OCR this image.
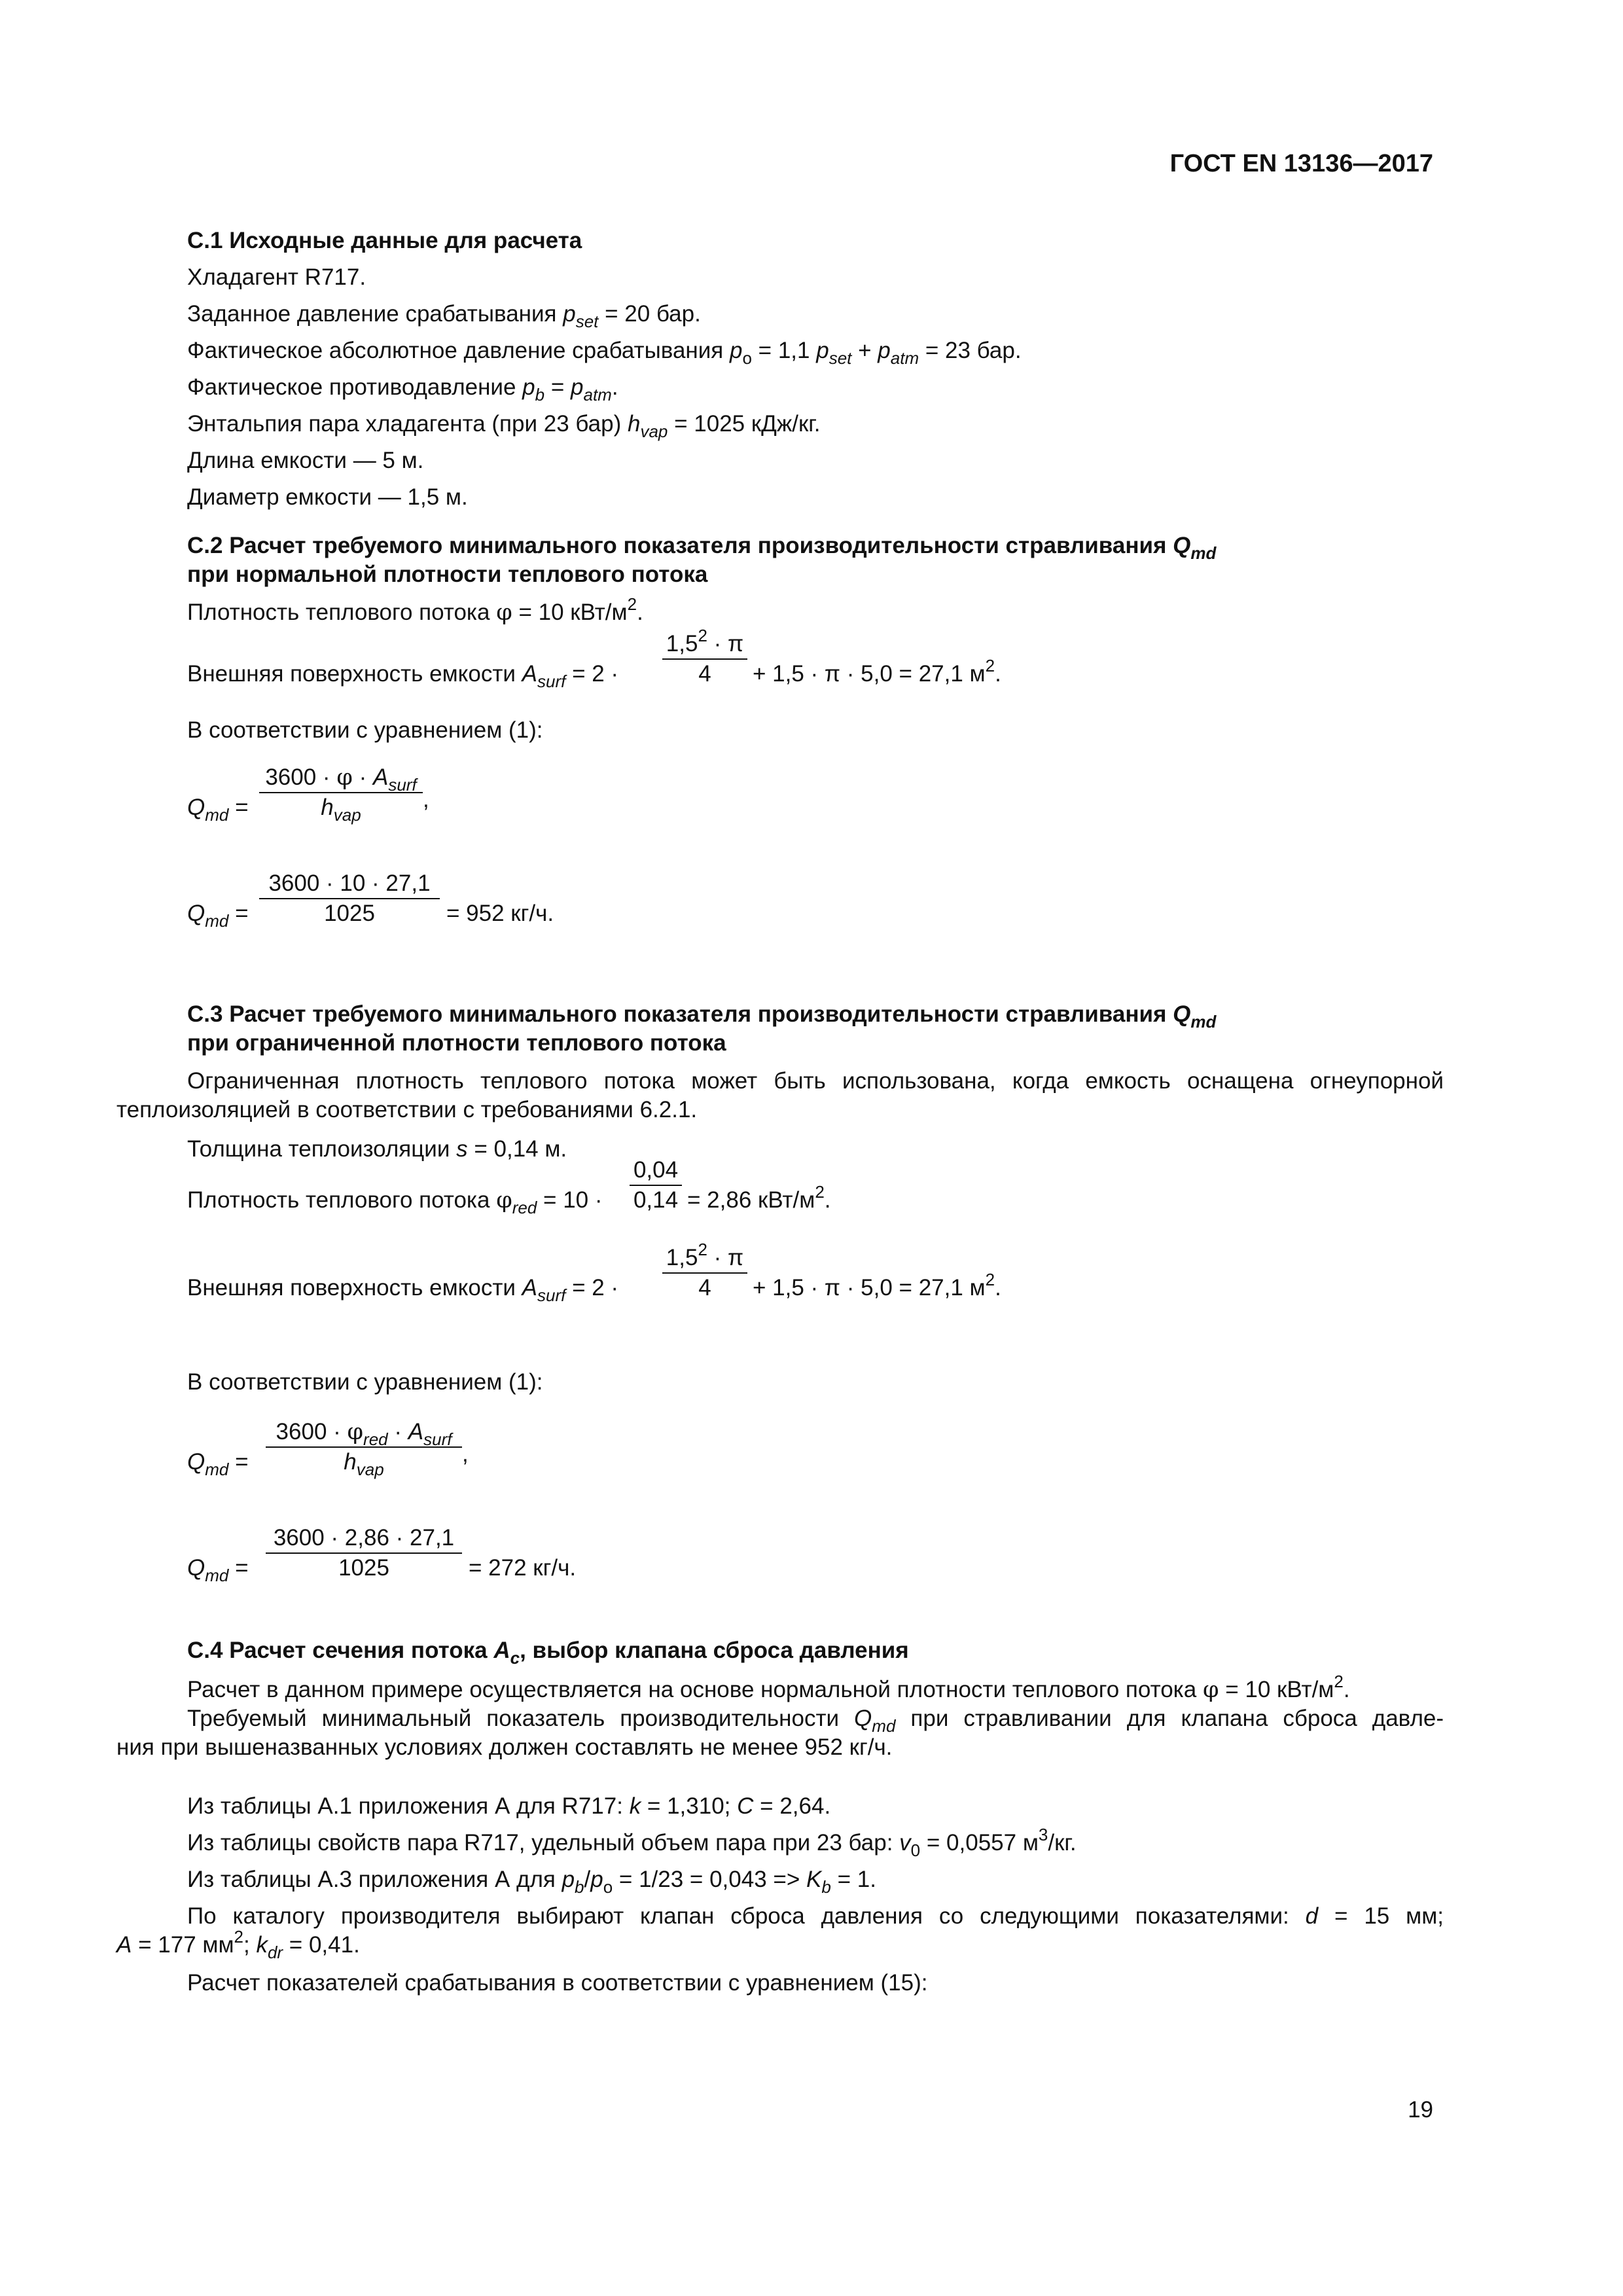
ГОСТ EN 13136—2017
С.1 Исходные данные для расчета
Хладагент R717.
Заданное давление срабатывания $p_{set} = 20$ бар.
Фактическое абсолютное давление срабатывания $p_o = 1,1$ $p_{set} + p_{atm} = 23$ бар.
Фактическое противодавление $p_b = p_{atm}$.
Энтальпия пара хладагента (при 23 бар) $h_{vap} = 1025$ кДж/кг.
Длина емкости — 5 м.
Диаметр емкости — 1,5 м.
С.2 Расчет требуемого минимального показателя производительности стравливания $Q_{md}$
при нормальной плотности теплового потока
Плотность теплового потока φ = 10 кВт/$м^2$.
Внешняя поверхность емкости $A_{surf} = 2$ ·
$1,5^2 \cdot \pi$
4	+ 1,5 · π · 5,0 = 27,1 $м^2$.
В соответствии с уравнением (1):
$Q_{md}$ =
$3600 \cdot \varphi \cdot A_{surf}$
$h_{vap}$
,
$Q_{md}$ =
3600 · 10 · 27,1
1025	= 952 кг/ч.
С.3 Расчет требуемого минимального показателя производительности стравливания $Q_{md}$
при ограниченной плотности теплового потока
Ограниченная плотность теплового потока может быть использована, когда емкость оснащена огнеупорной
теплоизоляцией в соответствии с требованиями 6.2.1.
Толщина теплоизоляции s = 0,14 м.
Плотность теплового потока $\varphi_{red} = 10$ ·
0,04
0,14 = 2,86 кВт/$м^2$.
Внешняя поверхность емкости $A_{surf} = 2$ ·
$1,5^2 \cdot \pi$
4	+ 1,5 · π · 5,0 = 27,1 $м^2$.
В соответствии с уравнением (1):
$Q_{md}$ =
$3600 \cdot \varphi_{red} \cdot A_{surf}$
$h_{vap}$
,
$Q_{md}$ =
3600 · 2,86 · 27,1
1025	= 272 кг/ч.
С.4 Расчет сечения потока $A_c$, выбор клапана сброса давления
Расчет в данном примере осуществляется на основе нормальной плотности теплового потока φ = 10 кВт/$м^2$.
Требуемый минимальный показатель производительности $Q_{md}$ при стравливании для клапана сброса давле-
ния при вышеназванных условиях должен составлять не менее 952 кг/ч.
Из таблицы А.1 приложения А для R717: k = 1,310; C = 2,64.
Из таблицы свойств пара R717, удельный объем пара при 23 бар: $v_0 = 0,0557$ $м^3/кг$.
Из таблицы А.3 приложения А для $p_b/p_o = 1/23 = 0,043 => K_b = 1$.
По каталогу производителя выбирают клапан сброса давления со следующими показателями: d = 15 мм;
A = 177 $мм^2$; $k_{dr} = 0,41$.
Расчет показателей срабатывания в соответствии с уравнением (15):
19
